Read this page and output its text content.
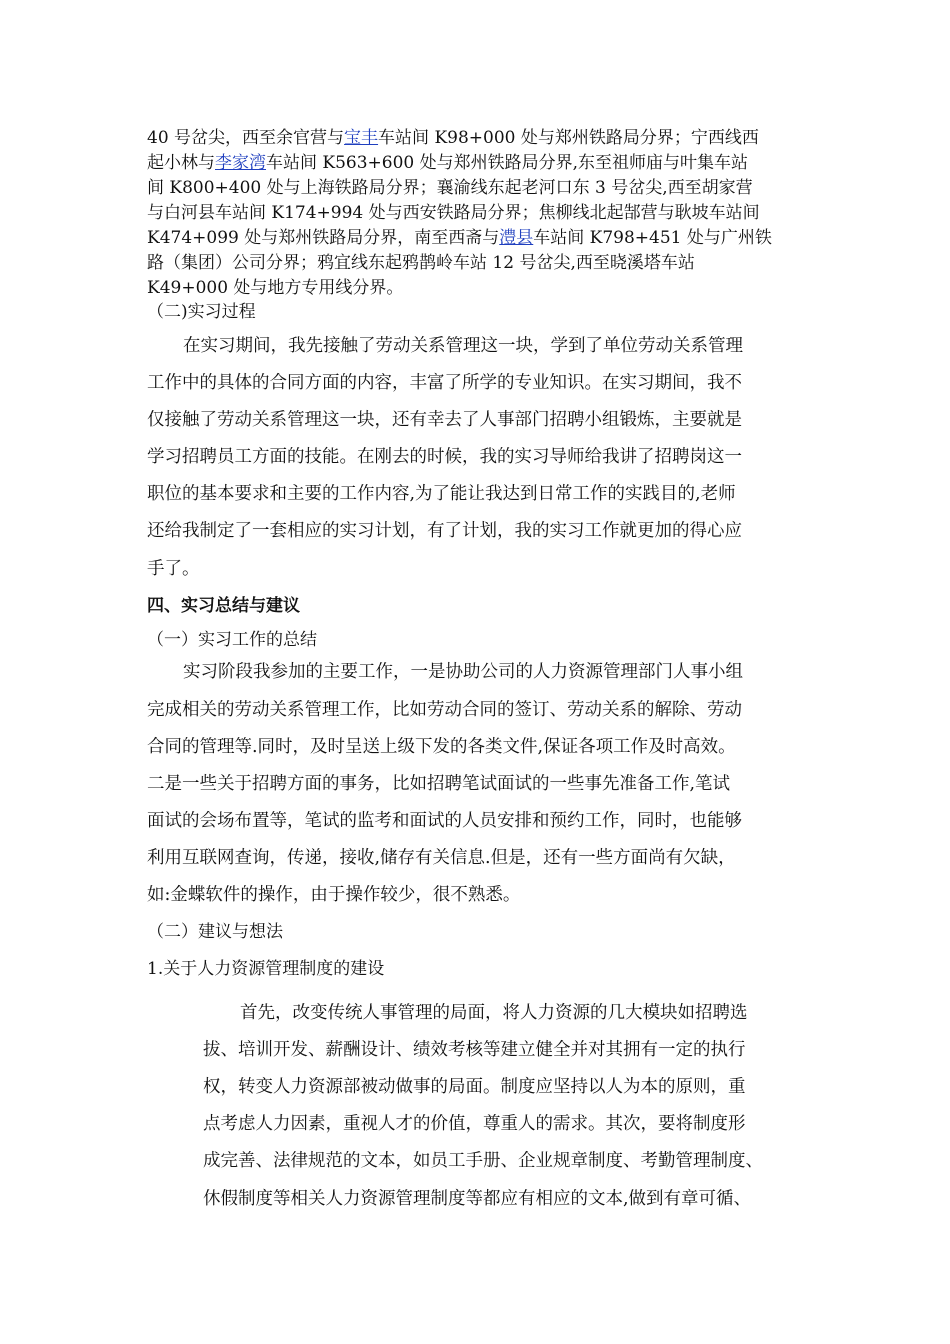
40 号岔尖，西至余官营与宝丰车站间 K98+000 处与郑州铁路局分界；宁西线西
起小林与李家湾车站间 K563+600 处与郑州铁路局分界,东至祖师庙与叶集车站
间 K800+400 处与上海铁路局分界；襄渝线东起老河口东 3 号岔尖,西至胡家营
与白河县车站间 K174+994 处与西安铁路局分界；焦柳线北起郜营与耿坡车站间
K474+099 处与郑州铁路局分界，南至西斋与澧县车站间 K798+451 处与广州铁
路（集团）公司分界；鸦宜线东起鸦鹊岭车站 12 号岔尖,西至晓溪塔车站
K49+000 处与地方专用线分界。
（二)实习过程
在实习期间，我先接触了劳动关系管理这一块，学到了单位劳动关系管理
工作中的具体的合同方面的内容，丰富了所学的专业知识。在实习期间，我不
仅接触了劳动关系管理这一块，还有幸去了人事部门招聘小组锻炼，主要就是
学习招聘员工方面的技能。在刚去的时候，我的实习导师给我讲了招聘岗这一
职位的基本要求和主要的工作内容,为了能让我达到日常工作的实践目的,老师
还给我制定了一套相应的实习计划，有了计划，我的实习工作就更加的得心应
手了。
四、实习总结与建议
（一）实习工作的总结
实习阶段我参加的主要工作，一是协助公司的人力资源管理部门人事小组
完成相关的劳动关系管理工作，比如劳动合同的签订、劳动关系的解除、劳动
合同的管理等.同时，及时呈送上级下发的各类文件,保证各项工作及时高效。
二是一些关于招聘方面的事务，比如招聘笔试面试的一些事先准备工作,笔试
面试的会场布置等，笔试的监考和面试的人员安排和预约工作，同时，也能够
利用互联网查询，传递，接收,储存有关信息.但是，还有一些方面尚有欠缺，
如:金蝶软件的操作，由于操作较少，很不熟悉。
（二）建议与想法
1.关于人力资源管理制度的建设
首先，改变传统人事管理的局面，将人力资源的几大模块如招聘选
拔、培训开发、薪酬设计、绩效考核等建立健全并对其拥有一定的执行
权，转变人力资源部被动做事的局面。制度应坚持以人为本的原则，重
点考虑人力因素，重视人才的价值，尊重人的需求。其次，要将制度形
成完善、法律规范的文本，如员工手册、企业规章制度、考勤管理制度、
休假制度等相关人力资源管理制度等都应有相应的文本,做到有章可循、
